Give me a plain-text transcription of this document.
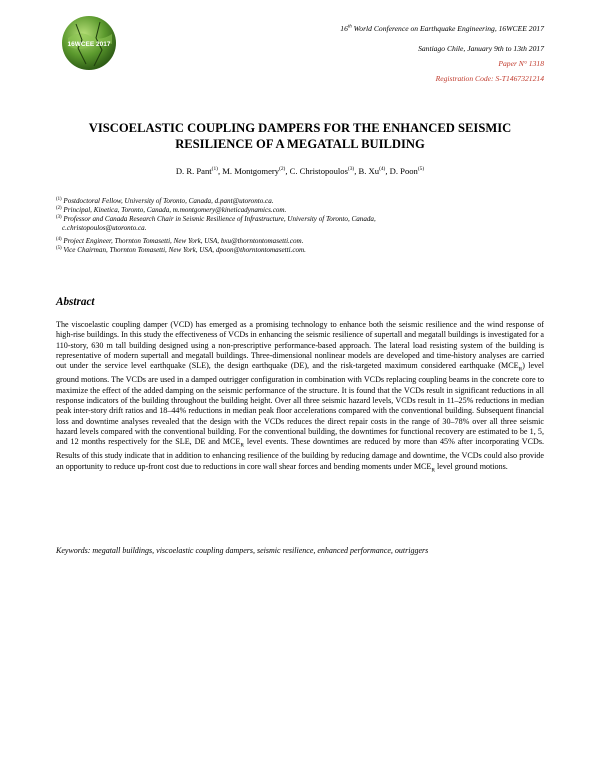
16WCEE 2017
16th World Conference on Earthquake Engineering, 16WCEE 2017
Santiago Chile, January 9th to 13th 2017
Paper N° 1318
Registration Code: S-T1467321214
VISCOELASTIC COUPLING DAMPERS FOR THE ENHANCED SEISMIC
RESILIENCE OF A MEGATALL BUILDING
D. R. Pant$^{(1)}$, M. Montgomery$^{(2)}$, C. Christopoulos$^{(3)}$, B. Xu$^{(4)}$, D. Poon$^{(5)}$
$^{(1)}$ Postdoctoral Fellow, University of Toronto, Canada, d.pant@utoronto.ca.
$^{(2)}$ Principal, Kinetica, Toronto, Canada, m.montgomery@kineticadynamics.com.
$^{(3)}$ Professor and Canada Research Chair in Seismic Resilience of Infrastructure, University of Toronto, Canada,
c.christopoulos@utoronto.ca.
$^{(4)}$ Project Engineer, Thornton Tomasetti, New York, USA, bxu@thorntontomasetti.com.
$^{(5)}$ Vice Chairman, Thornton Tomasetti, New York, USA, dpoon@thorntontomasetti.com.
Abstract
The viscoelastic coupling damper (VCD) has emerged as a promising technology to enhance both the seismic resilience and the wind response of high-rise buildings. In this study the effectiveness of VCDs in enhancing the seismic resilience of supertall and megatall buildings is investigated for a 110-story, 630 m tall building designed using a non-prescriptive performance-based approach. The lateral load resisting system of the building is representative of modern supertall and megatall buildings. Three-dimensional nonlinear models are developed and time-history analyses are carried out under the service level earthquake (SLE), the design earthquake (DE), and the risk-targeted maximum considered earthquake $(MCE_R)$ level ground motions. The VCDs are used in a damped outrigger configuration in combination with VCDs replacing coupling beams in the concrete core to maximize the effect of the added damping on the seismic performance of the structure. It is found that the VCDs result in significant reductions in all response indicators of the building throughout the building height. Over all three seismic hazard levels, VCDs result in 11–25% reductions in median peak inter-story drift ratios and 18–44% reductions in median peak floor accelerations compared with the conventional building. Subsequent financial loss and downtime analyses revealed that the design with the VCDs reduces the direct repair costs in the range of 30–78% over all three seismic hazard levels compared with the conventional building. For the conventional building, the downtimes for functional recovery are estimated to be 1, 5, and 12 months respectively for the SLE, DE and $MCE_R$ level events. These downtimes are reduced by more than 45% after incorporating VCDs. Results of this study indicate that in addition to enhancing resilience of the building by reducing damage and downtime, the VCDs could also provide an opportunity to reduce up-front cost due to reductions in core wall shear forces and bending moments under $MCE_R$ level ground motions.
Keywords: megatall buildings, viscoelastic coupling dampers, seismic resilience, enhanced performance, outriggers
